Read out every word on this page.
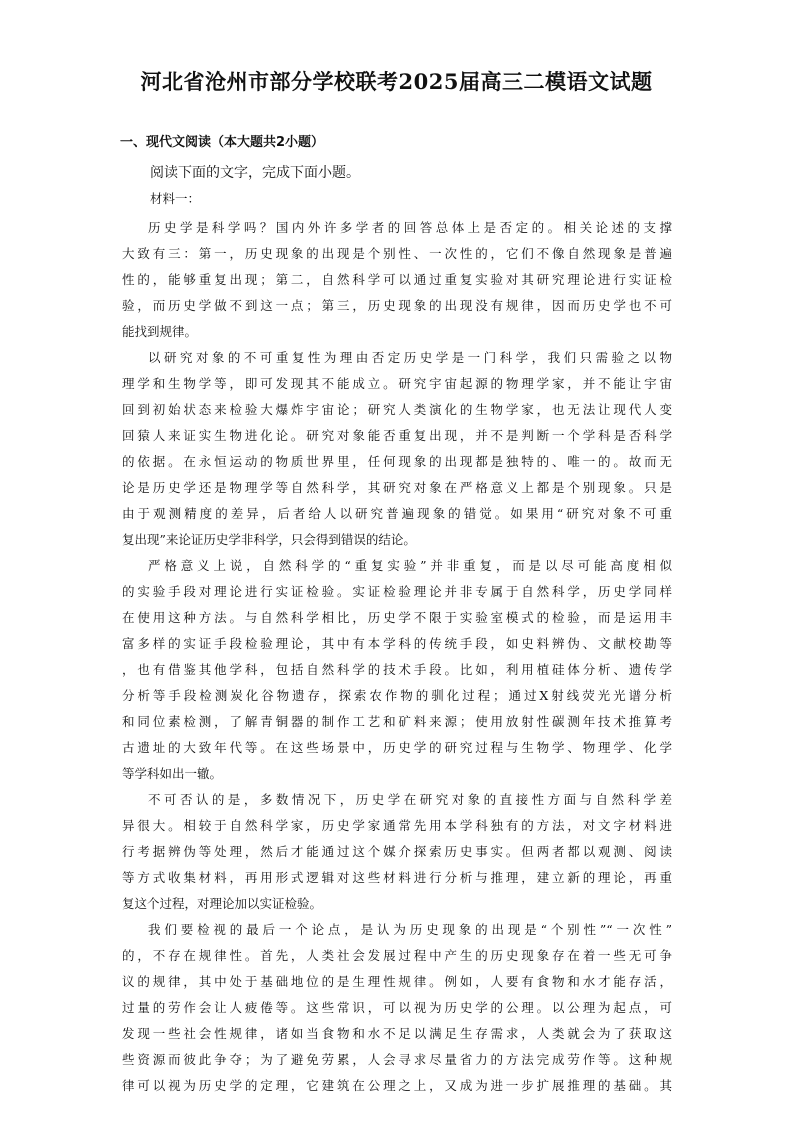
河北省沧州市部分学校联考2025届高三二模语文试题
一、现代文阅读（本大题共2小题）
阅读下面的文字，完成下面小题。
材料一：
历史学是科学吗？国内外许多学者的回答总体上是否定的。相关论述的支撑
大致有三：第一，历史现象的出现是个别性、一次性的，它们不像自然现象是普遍
性的，能够重复出现；第二，自然科学可以通过重复实验对其研究理论进行实证检
验，而历史学做不到这一点；第三，历史现象的出现没有规律，因而历史学也不可
能找到规律。
以研究对象的不可重复性为理由否定历史学是一门科学，我们只需验之以物
理学和生物学等，即可发现其不能成立。研究宇宙起源的物理学家，并不能让宇宙
回到初始状态来检验大爆炸宇宙论；研究人类演化的生物学家，也无法让现代人变
回猿人来证实生物进化论。研究对象能否重复出现，并不是判断一个学科是否科学
的依据。在永恒运动的物质世界里，任何现象的出现都是独特的、唯一的。故而无
论是历史学还是物理学等自然科学，其研究对象在严格意义上都是个别现象。只是
由于观测精度的差异，后者给人以研究普遍现象的错觉。如果用“研究对象不可重
复出现”来论证历史学非科学，只会得到错误的结论。
严格意义上说，自然科学的“重复实验”并非重复，而是以尽可能高度相似
的实验手段对理论进行实证检验。实证检验理论并非专属于自然科学，历史学同样
在使用这种方法。与自然科学相比，历史学不限于实验室模式的检验，而是运用丰
富多样的实证手段检验理论，其中有本学科的传统手段，如史料辨伪、文献校勘等
，也有借鉴其他学科，包括自然科学的技术手段。比如，利用植硅体分析、遗传学
分析等手段检测炭化谷物遗存，探索农作物的驯化过程；通过X射线荧光光谱分析
和同位素检测，了解青铜器的制作工艺和矿料来源；使用放射性碳测年技术推算考
古遗址的大致年代等。在这些场景中，历史学的研究过程与生物学、物理学、化学
等学科如出一辙。
不可否认的是，多数情况下，历史学在研究对象的直接性方面与自然科学差
异很大。相较于自然科学家，历史学家通常先用本学科独有的方法，对文字材料进
行考据辨伪等处理，然后才能通过这个媒介探索历史事实。但两者都以观测、阅读
等方式收集材料，再用形式逻辑对这些材料进行分析与推理，建立新的理论，再重
复这个过程，对理论加以实证检验。
我们要检视的最后一个论点，是认为历史现象的出现是“个别性”“一次性”
的，不存在规律性。首先，人类社会发展过程中产生的历史现象存在着一些无可争
议的规律，其中处于基础地位的是生理性规律。例如，人要有食物和水才能存活，
过量的劳作会让人疲倦等。这些常识，可以视为历史学的公理。以公理为起点，可
发现一些社会性规律，诸如当食物和水不足以满足生存需求，人类就会为了获取这
些资源而彼此争夺；为了避免劳累，人会寻求尽量省力的方法完成劳作等。这种规
律可以视为历史学的定理，它建筑在公理之上，又成为进一步扩展推理的基础。其
